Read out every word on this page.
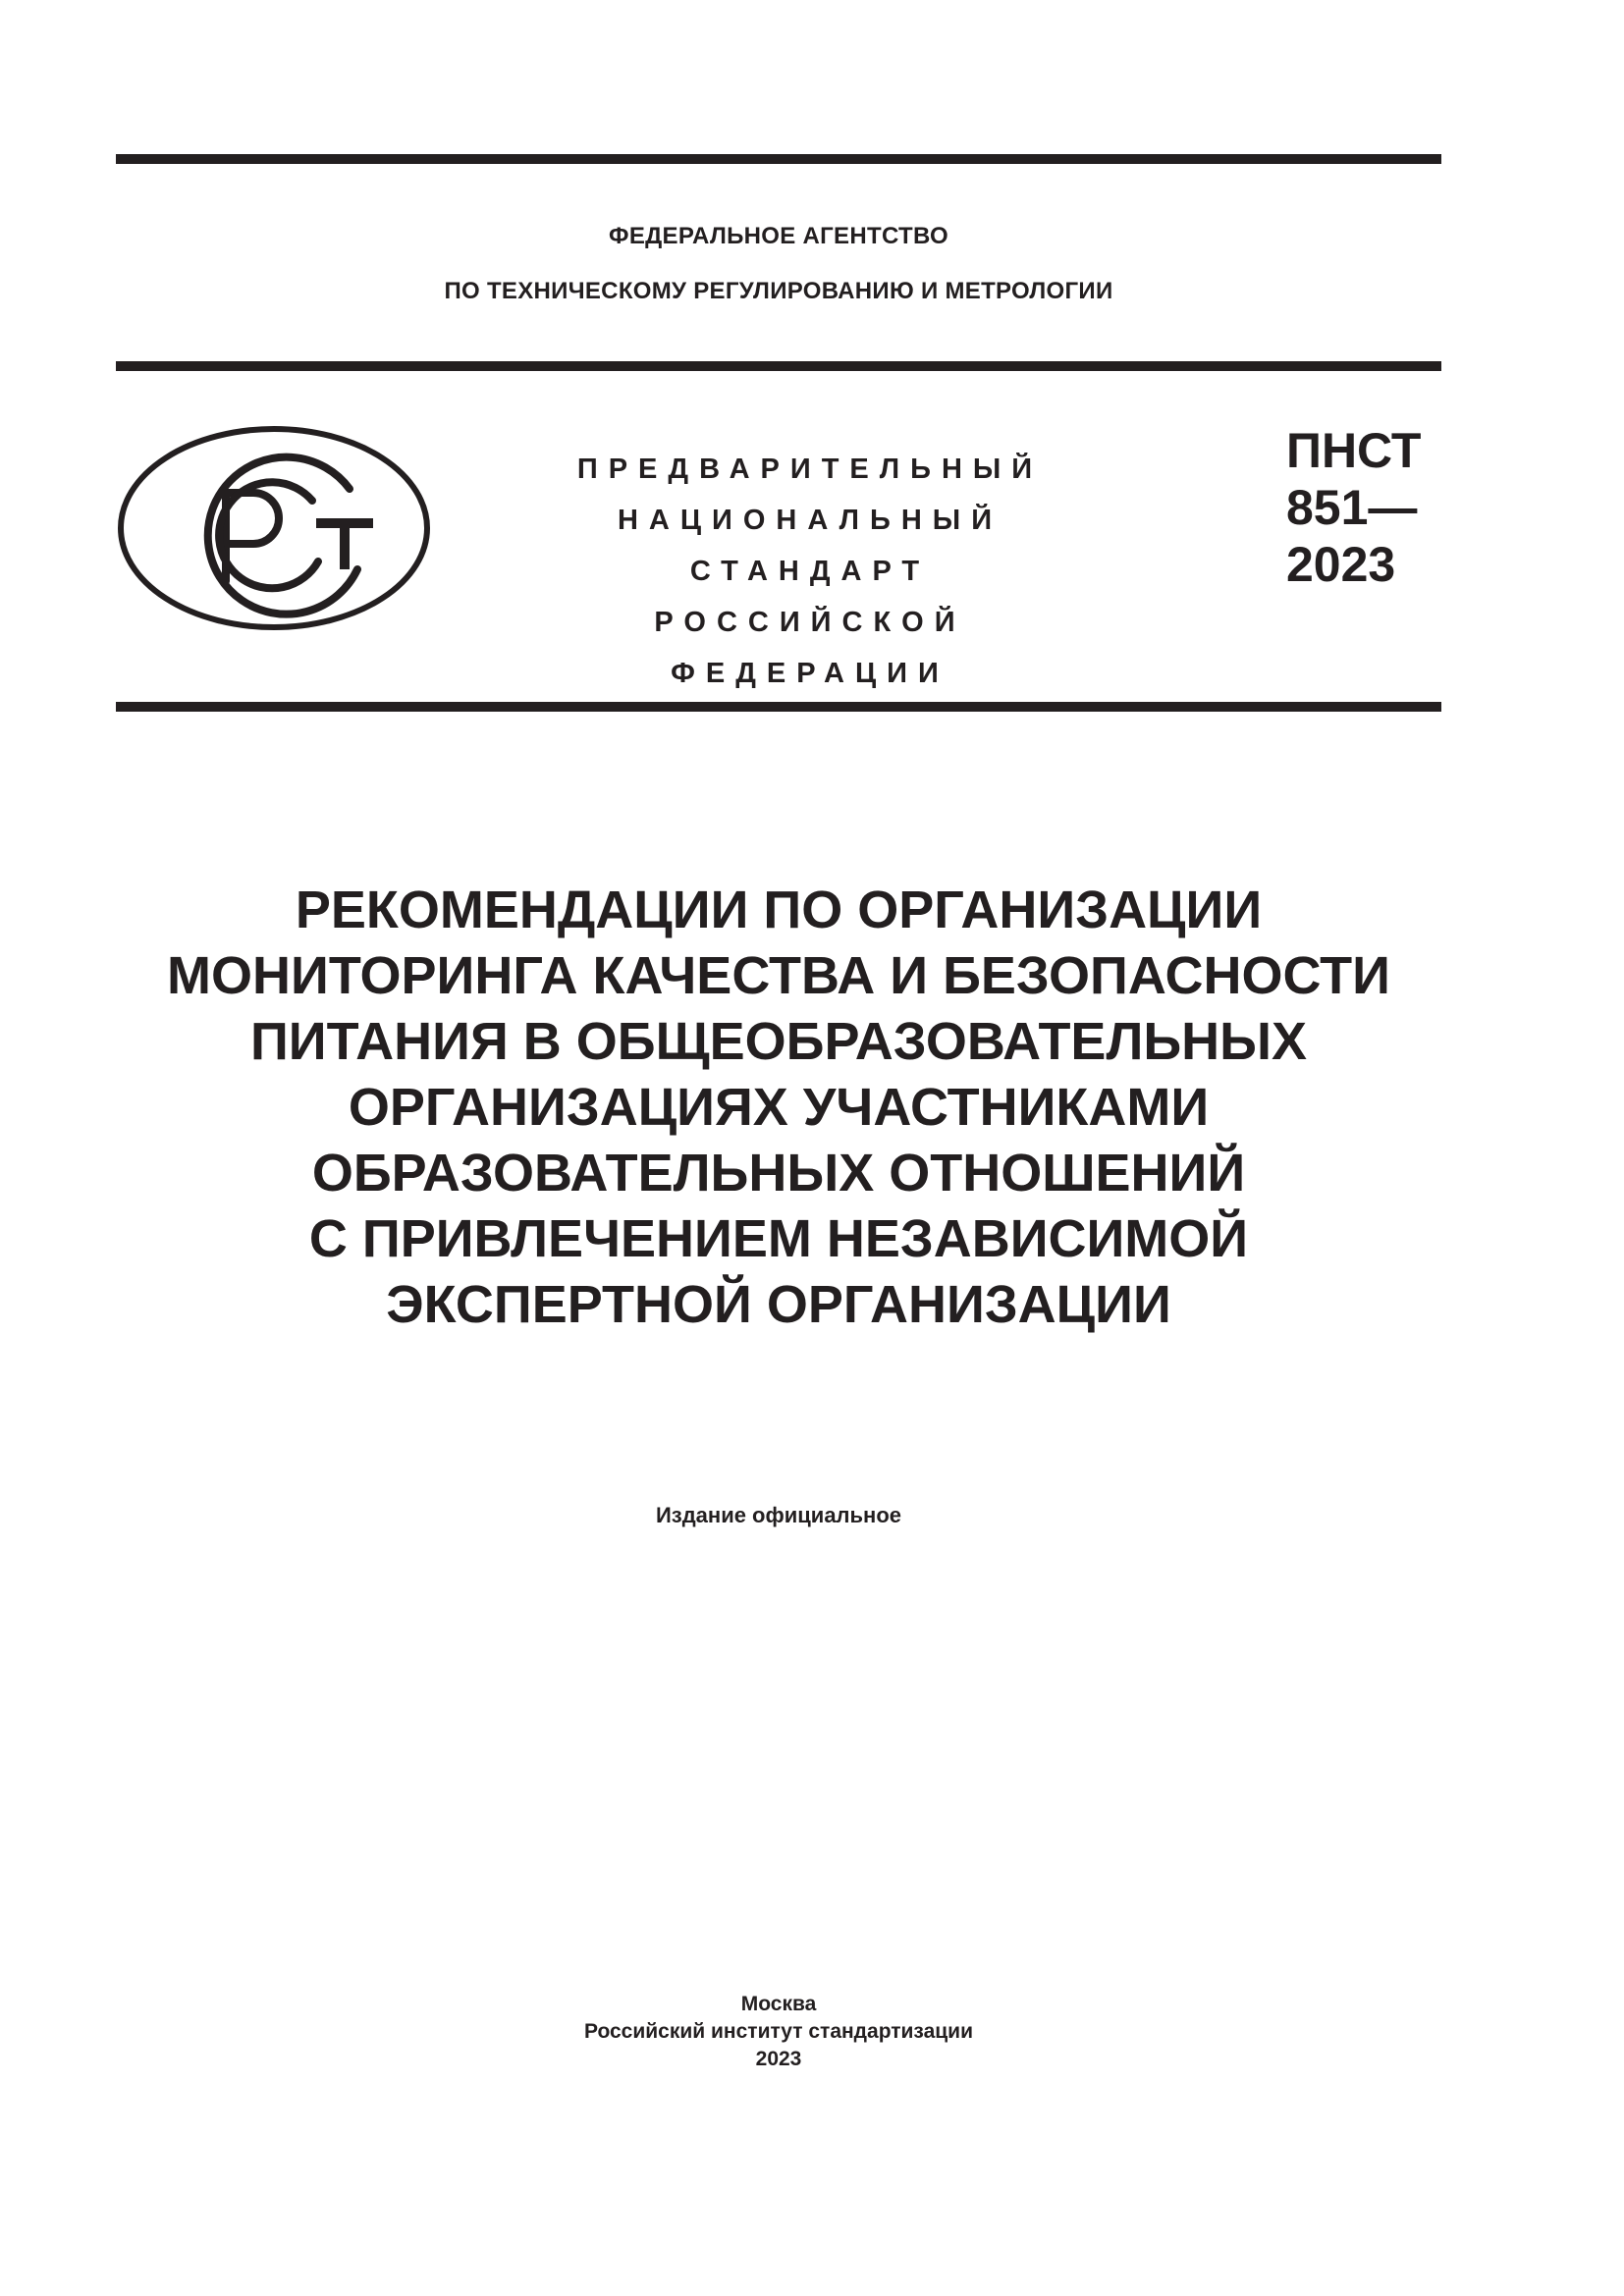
ФЕДЕРАЛЬНОЕ АГЕНТСТВО
ПО ТЕХНИЧЕСКОМУ РЕГУЛИРОВАНИЮ И МЕТРОЛОГИИ
ПРЕДВАРИТЕЛЬНЫЙ
НАЦИОНАЛЬНЫЙ
СТАНДАРТ
РОССИЙСКОЙ
ФЕДЕРАЦИИ
ПНСТ
851—
2023
РЕКОМЕНДАЦИИ ПО ОРГАНИЗАЦИИ
МОНИТОРИНГА КАЧЕСТВА И БЕЗОПАСНОСТИ
ПИТАНИЯ В ОБЩЕОБРАЗОВАТЕЛЬНЫХ
ОРГАНИЗАЦИЯХ УЧАСТНИКАМИ
ОБРАЗОВАТЕЛЬНЫХ ОТНОШЕНИЙ
С ПРИВЛЕЧЕНИЕМ НЕЗАВИСИМОЙ
ЭКСПЕРТНОЙ ОРГАНИЗАЦИИ
Издание официальное
Москва
Российский институт стандартизации
2023
